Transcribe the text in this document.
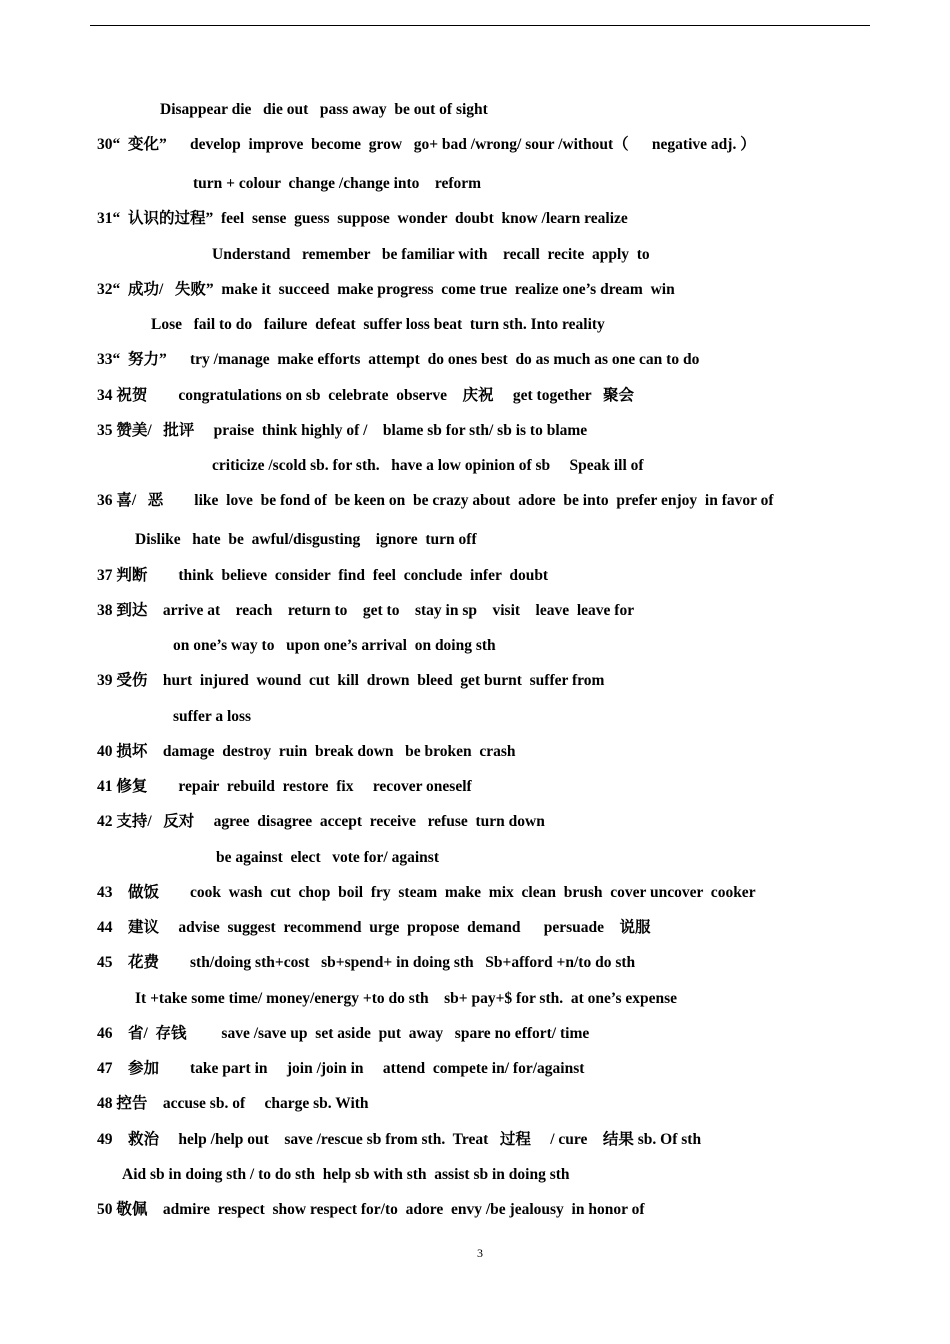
Disappear die   die out   pass away  be out of sight
30“  变化”      develop  improve  become  grow   go+ bad /wrong/ sour /without（      negative adj. ）
turn + colour  change /change into    reform
31“  认识的过程”  feel  sense  guess  suppose  wonder  doubt  know /learn realize
Understand   remember   be familiar with    recall  recite  apply  to
32“  成功/   失败”  make it  succeed  make progress  come true  realize one’s dream  win
Lose   fail to do   failure  defeat  suffer loss beat  turn sth. Into reality
33“  努力”      try /manage  make efforts  attempt  do ones best  do as much as one can to do
34 祝贺        congratulations on sb  celebrate  observe    庆祝     get together   聚会
35 赞美/   批评     praise  think highly of /    blame sb for sth/ sb is to blame
criticize /scold sb. for sth.   have a low opinion of sb     Speak ill of
36 喜/   恶        like  love  be fond of  be keen on  be crazy about  adore  be into  prefer enjoy  in favor of
Dislike   hate  be  awful/disgusting    ignore  turn off
37 判断        think  believe  consider  find  feel  conclude  infer  doubt
38 到达    arrive at    reach    return to    get to    stay in sp    visit    leave  leave for
on one’s way to   upon one’s arrival  on doing sth
39 受伤    hurt  injured  wound  cut  kill  drown  bleed  get burnt  suffer from
suffer a loss
40 损坏    damage  destroy  ruin  break down   be broken  crash
41 修复        repair  rebuild  restore  fix     recover oneself
42 支持/   反对     agree  disagree  accept  receive   refuse  turn down
be against  elect   vote for/ against
43    做饭        cook  wash  cut  chop  boil  fry  steam  make  mix  clean  brush  cover uncover  cooker
44    建议     advise  suggest  recommend  urge  propose  demand      persuade    说服
45    花费        sth/doing sth+cost   sb+spend+ in doing sth   Sb+afford +n/to do sth
It +take some time/ money/energy +to do sth    sb+ pay+$ for sth.  at one’s expense
46    省/  存钱         save /save up  set aside  put  away   spare no effort/ time
47    参加        take part in     join /join in     attend  compete in/ for/against
48 控告    accuse sb. of     charge sb. With
49    救治     help /help out    save /rescue sb from sth.  Treat   过程     / cure    结果 sb. Of sth
Aid sb in doing sth / to do sth  help sb with sth  assist sb in doing sth
50 敬佩    admire  respect  show respect for/to  adore  envy /be jealousy  in honor of
3
